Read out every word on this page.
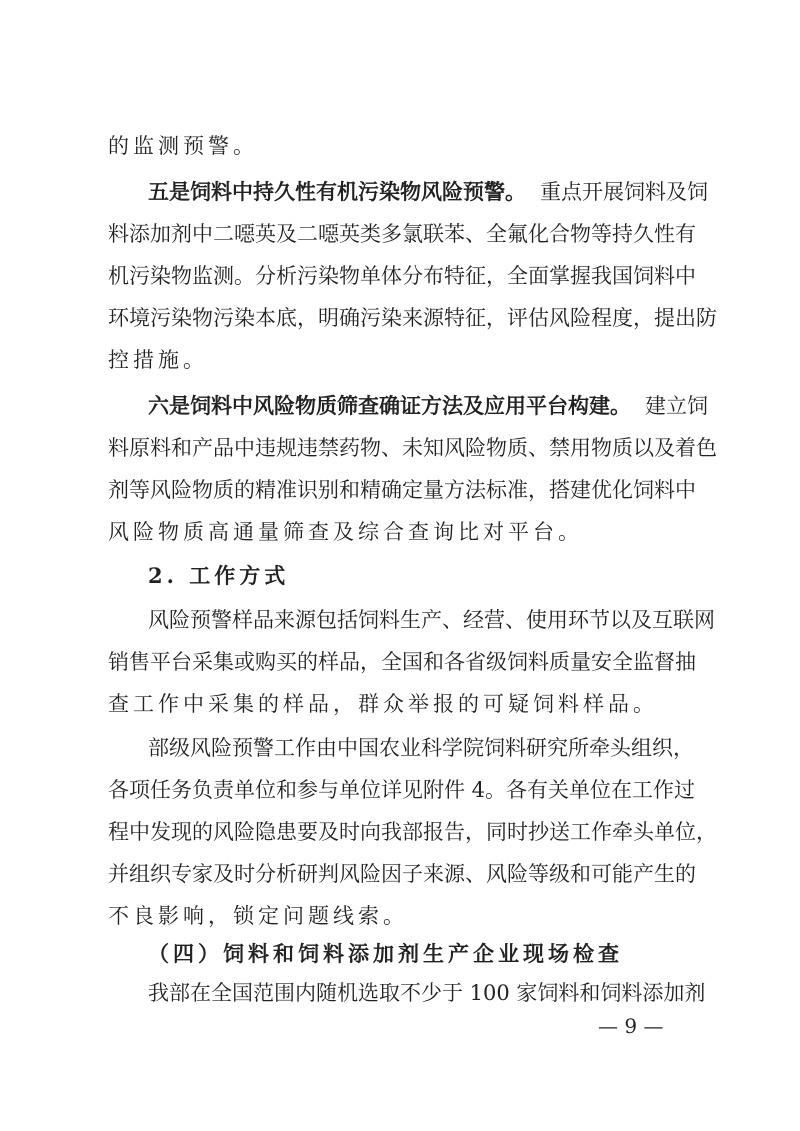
的监测预警。
五是饲料中持久性有机污染物风险预警。 重点开展饲料及饲
料添加剂中二噁英及二噁英类多氯联苯、全氟化合物等持久性有
机污染物监测。分析污染物单体分布特征，全面掌握我国饲料中
环境污染物污染本底，明确污染来源特征，评估风险程度，提出防
控措施。
六是饲料中风险物质筛查确证方法及应用平台构建。 建立饲
料原料和产品中违规违禁药物、未知风险物质、禁用物质以及着色
剂等风险物质的精准识别和精确定量方法标准，搭建优化饲料中
风险物质高通量筛查及综合查询比对平台。
2. 工作方式
风险预警样品来源包括饲料生产、经营、使用环节以及互联网
销售平台采集或购买的样品，全国和各省级饲料质量安全监督抽
查工作中采集的样品，群众举报的可疑饲料样品。
部级风险预警工作由中国农业科学院饲料研究所牵头组织，
各项任务负责单位和参与单位详见附件 4。各有关单位在工作过
程中发现的风险隐患要及时向我部报告，同时抄送工作牵头单位，
并组织专家及时分析研判风险因子来源、风险等级和可能产生的
不良影响，锁定问题线索。
（四）饲料和饲料添加剂生产企业现场检查
我部在全国范围内随机选取不少于 100 家饲料和饲料添加剂
— 9 —
